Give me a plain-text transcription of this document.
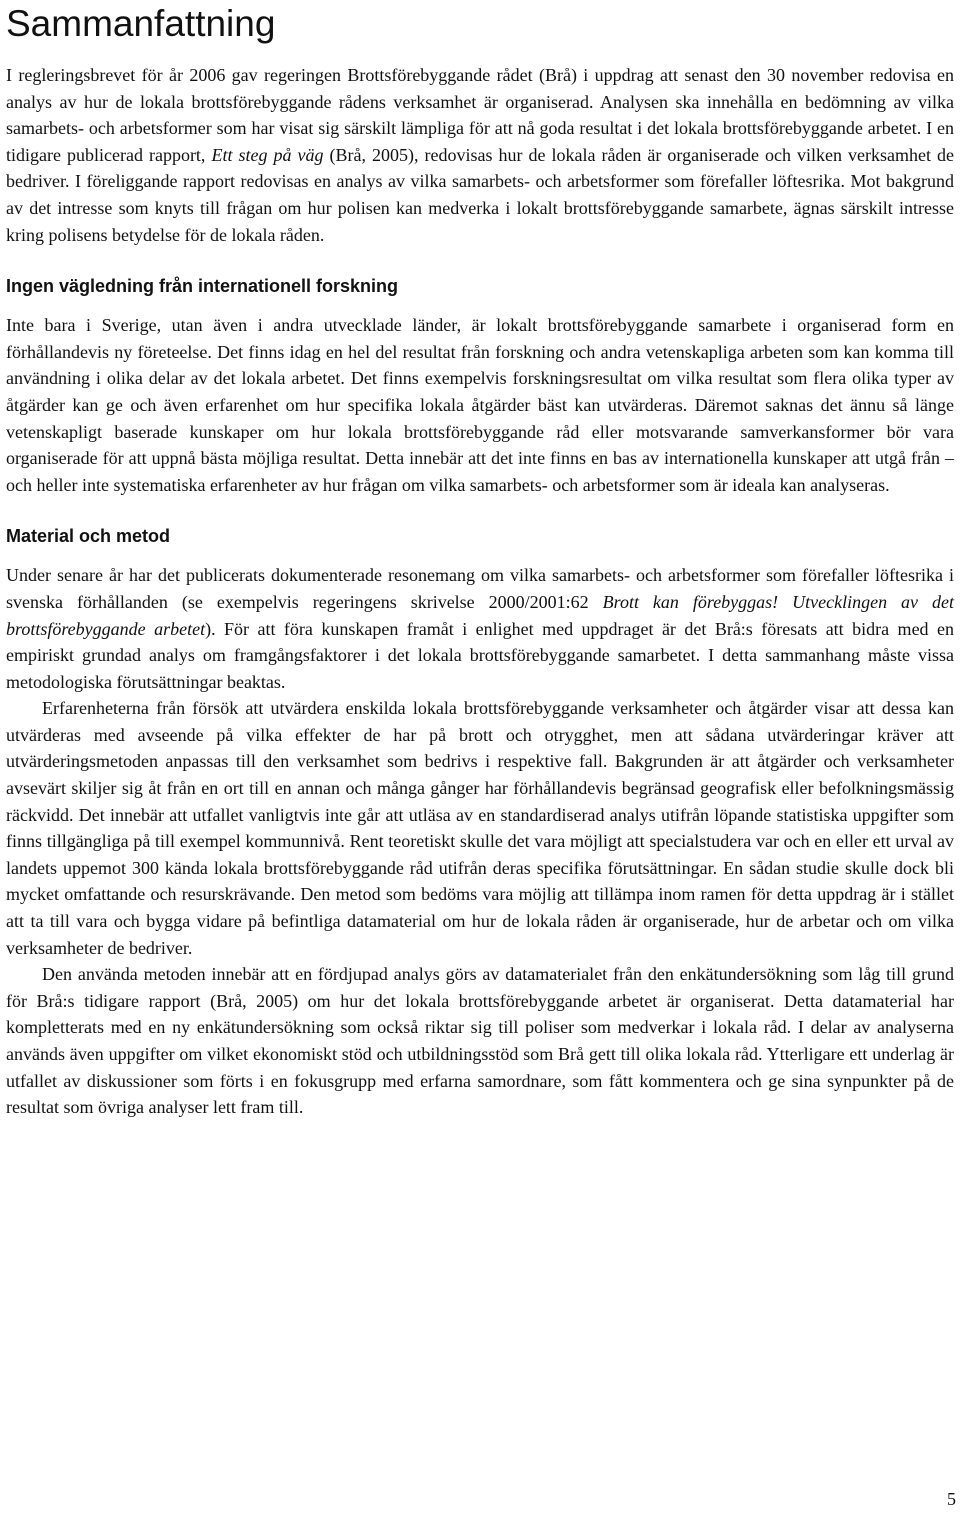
Sammanfattning

I regleringsbrevet för år 2006 gav regeringen Brottsförebyggande rådet (Brå) i uppdrag att senast den 30 november redovisa en analys av hur de lokala brottsförebyggande rådens verksamhet är organiserad. Analysen ska innehålla en bedömning av vilka samarbets- och arbetsformer som har visat sig särskilt lämpliga för att nå goda resultat i det lokala brottsförebyggande arbetet. I en tidigare publicerad rapport, Ett steg på väg (Brå, 2005), redovisas hur de lokala råden är organiserade och vilken verksamhet de bedriver. I föreliggande rapport redovisas en analys av vilka samarbets- och arbetsformer som förefaller löftesrika. Mot bakgrund av det intresse som knyts till frågan om hur polisen kan medverka i lokalt brottsförebyggande samarbete, ägnas särskilt intresse kring polisens betydelse för de lokala råden.

Ingen vägledning från internationell forskning

Inte bara i Sverige, utan även i andra utvecklade länder, är lokalt brottsförebyggande samarbete i organiserad form en förhållandevis ny företeelse. Det finns idag en hel del resultat från forskning och andra vetenskapliga arbeten som kan komma till användning i olika delar av det lokala arbetet. Det finns exempelvis forskningsresultat om vilka resultat som flera olika typer av åtgärder kan ge och även erfarenhet om hur specifika lokala åtgärder bäst kan utvärderas. Däremot saknas det ännu så länge vetenskapligt baserade kunskaper om hur lokala brottsförebyggande råd eller motsvarande samverkansformer bör vara organiserade för att uppnå bästa möjliga resultat. Detta innebär att det inte finns en bas av internationella kunskaper att utgå från – och heller inte systematiska erfarenheter av hur frågan om vilka samarbets- och arbetsformer som är ideala kan analyseras.

Material och metod

Under senare år har det publicerats dokumenterade resonemang om vilka samarbets- och arbetsformer som förefaller löftesrika i svenska förhållanden (se exempelvis regeringens skrivelse 2000/2001:62 Brott kan förebyggas! Utvecklingen av det brottsförebyggande arbetet). För att föra kunskapen framåt i enlighet med uppdraget är det Brå:s föresats att bidra med en empiriskt grundad analys om framgångsfaktorer i det lokala brottsförebyggande samarbetet. I detta sammanhang måste vissa metodologiska förutsättningar beaktas.

Erfarenheterna från försök att utvärdera enskilda lokala brottsförebyggande verksamheter och åtgärder visar att dessa kan utvärderas med avseende på vilka effekter de har på brott och otrygghet, men att sådana utvärderingar kräver att utvärderingsmetoden anpassas till den verksamhet som bedrivs i respektive fall. Bakgrunden är att åtgärder och verksamheter avsevärt skiljer sig åt från en ort till en annan och många gånger har förhållandevis begränsad geografisk eller befolkningsmässig räckvidd. Det innebär att utfallet vanligtvis inte går att utläsa av en standardiserad analys utifrån löpande statistiska uppgifter som finns tillgängliga på till exempel kommunnivå. Rent teoretiskt skulle det vara möjligt att specialstudera var och en eller ett urval av landets uppemot 300 kända lokala brottsförebyggande råd utifrån deras specifika förutsättningar. En sådan studie skulle dock bli mycket omfattande och resurskrävande. Den metod som bedöms vara möjlig att tillämpa inom ramen för detta uppdrag är i stället att ta till vara och bygga vidare på befintliga datamaterial om hur de lokala råden är organiserade, hur de arbetar och om vilka verksamheter de bedriver.

Den använda metoden innebär att en fördjupad analys görs av datamaterialet från den enkätundersökning som låg till grund för Brå:s tidigare rapport (Brå, 2005) om hur det lokala brottsförebyggande arbetet är organiserat. Detta datamaterial har kompletterats med en ny enkätundersökning som också riktar sig till poliser som medverkar i lokala råd. I delar av analyserna används även uppgifter om vilket ekonomiskt stöd och utbildningsstöd som Brå gett till olika lokala råd. Ytterligare ett underlag är utfallet av diskussioner som förts i en fokusgrupp med erfarna samordnare, som fått kommentera och ge sina synpunkter på de resultat som övriga analyser lett fram till.

5
